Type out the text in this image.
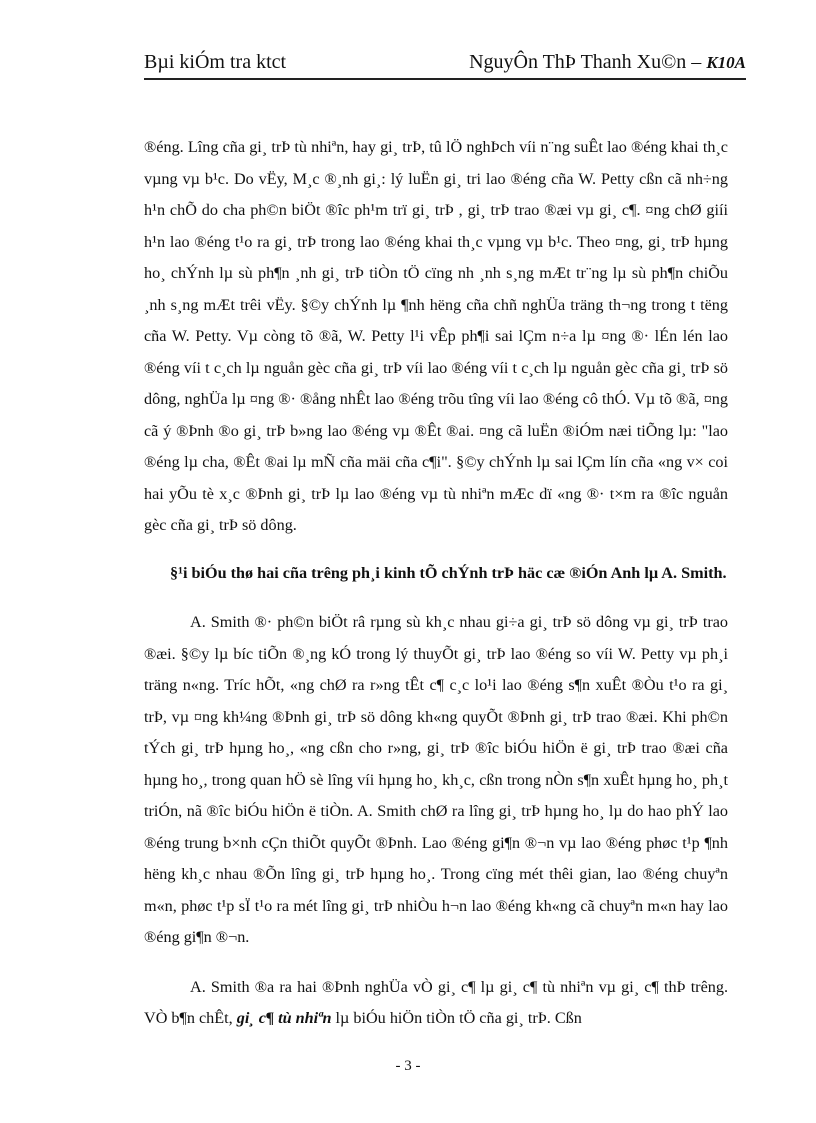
Bµi kiÓm tra ktct	NguyÔn ThÞ Thanh Xu©n – K10A

®éng. Lîng cña gi¸ trÞ tù nhiªn, hay gi¸ trÞ, tû lÖ nghÞch víi n¨ng suÊt lao ®éng khai th¸c vµng vµ b¹c. Do vËy, M¸c ®¸nh gi¸: lý luËn gi¸ tri lao ®éng cña W. Petty cßn cã nh÷ng h¹n chÕ do cha ph©n biÖt ®îc ph¹m trï gi¸ trÞ , gi¸ trÞ trao ®æi vµ gi¸ c¶. ¤ng chØ giíi h¹n lao ®éng t¹o ra gi¸ trÞ trong lao ®éng khai th¸c vµng vµ b¹c. Theo ¤ng, gi¸ trÞ hµng ho¸ chÝnh lµ sù ph¶n ¸nh gi¸ trÞ tiÒn tÖ cïng nh ¸nh s¸ng mÆt tr¨ng lµ sù ph¶n chiÕu ¸nh s¸ng mÆt trêi vËy. §©y chÝnh lµ ¶nh hëng cña chñ nghÜa träng th¬ng trong t tëng cña W. Petty. Vµ còng tõ ®ã, W. Petty l¹i vÊp ph¶i sai lÇm n÷a lµ ¤ng ®· lÉn lén lao ®éng víi t c¸ch lµ nguån gèc cña gi¸ trÞ víi lao ®éng víi t c¸ch lµ nguån gèc cña gi¸ trÞ sö dông, nghÜa lµ ¤ng ®· ®ång nhÊt lao ®éng trõu tîng víi lao ®éng cô thÓ. Vµ tõ ®ã, ¤ng cã ý ®Þnh ®o gi¸ trÞ b»ng lao ®éng vµ ®Êt ®ai. ¤ng cã luËn ®iÓm næi tiÕng lµ: "lao ®éng lµ cha, ®Êt ®ai lµ mÑ cña mäi cña c¶i". §©y chÝnh lµ sai lÇm lín cña «ng v× coi hai yÕu tè x¸c ®Þnh gi¸ trÞ lµ lao ®éng vµ tù nhiªn mÆc dï «ng ®· t×m ra ®îc nguån gèc cña gi¸ trÞ sö dông.

§¹i biÓu thø hai cña trêng ph¸i kinh tÕ chÝnh trÞ häc cæ ®iÓn Anh lµ A. Smith.

A. Smith ®· ph©n biÖt râ rµng sù kh¸c nhau gi÷a gi¸ trÞ sö dông vµ gi¸ trÞ trao ®æi. §©y lµ bíc tiÕn ®¸ng kÓ trong lý thuyÕt gi¸ trÞ lao ®éng so víi W. Petty vµ ph¸i träng n«ng. Tríc hÕt, «ng chØ ra r»ng tÊt c¶ c¸c lo¹i lao ®éng s¶n xuÊt ®Òu t¹o ra gi¸ trÞ, vµ ¤ng kh¼ng ®Þnh gi¸ trÞ sö dông kh«ng quyÕt ®Þnh gi¸ trÞ trao ®æi. Khi ph©n tÝch gi¸ trÞ hµng ho¸, «ng cßn cho r»ng, gi¸ trÞ ®îc biÓu hiÖn ë gi¸ trÞ trao ®æi cña hµng ho¸, trong quan hÖ sè lîng víi hµng ho¸ kh¸c, cßn trong nÒn s¶n xuÊt hµng ho¸ ph¸t triÓn, nã ®îc biÓu hiÖn ë tiÒn. A. Smith chØ ra lîng gi¸ trÞ hµng ho¸ lµ do hao phÝ lao ®éng trung b×nh cÇn thiÕt quyÕt ®Þnh. Lao ®éng gi¶n ®¬n vµ lao ®éng phøc t¹p ¶nh hëng kh¸c nhau ®Õn lîng gi¸ trÞ hµng ho¸. Trong cïng mét thêi gian, lao ®éng chuyªn m«n, phøc t¹p sÏ t¹o ra mét lîng gi¸ trÞ nhiÒu h¬n lao ®éng kh«ng cã chuyªn m«n hay lao ®éng gi¶n ®¬n.

A. Smith ®a ra hai ®Þnh nghÜa vÒ gi¸ c¶ lµ gi¸ c¶ tù nhiªn vµ gi¸ c¶ thÞ trêng. VÒ b¶n chÊt, gi¸ c¶ tù nhiªn lµ biÓu hiÖn tiÒn tÖ cña gi¸ trÞ. Cßn

- 3 -
